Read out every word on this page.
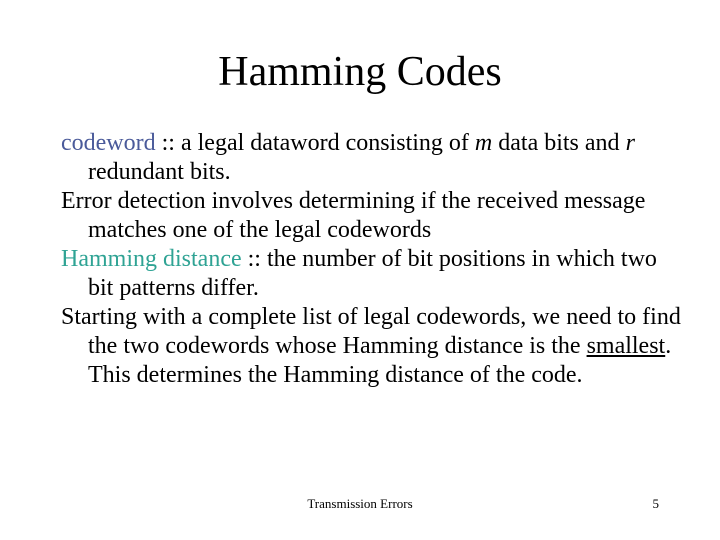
Hamming Codes

codeword :: a legal dataword consisting of m data bits and r redundant bits.

Error detection involves determining if the received message matches one of the legal codewords

Hamming distance :: the number of bit positions in which two bit patterns differ.

Starting with a complete list of legal codewords, we need to find the two codewords whose Hamming distance is the smallest. This determines the Hamming distance of the code.

Transmission Errors	5
